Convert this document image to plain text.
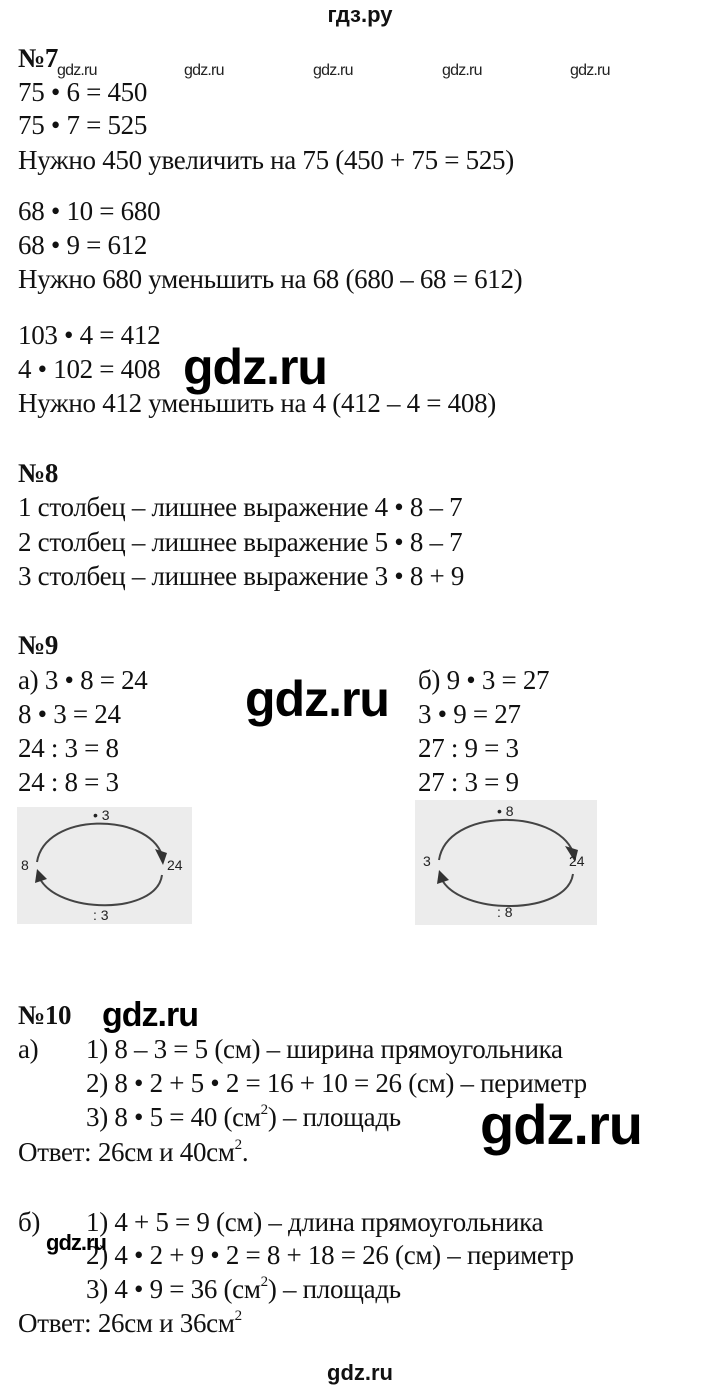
гдз.ру
№7
gdz.ru	gdz.ru	gdz.ru	gdz.ru	gdz.ru
75 • 6 = 450
75 • 7 = 525
Нужно 450 увеличить на 75 (450 + 75 = 525)
68 • 10 = 680
68 • 9 = 612
Нужно 680 уменьшить на 68 (680 – 68 = 612)
103 • 4 = 412
4 • 102 = 408 gdz.ru
Нужно 412 уменьшить на 4 (412 – 4 = 408)
№8
1 столбец – лишнее выражение 4 • 8 – 7
2 столбец – лишнее выражение 5 • 8 – 7
3 столбец – лишнее выражение 3 • 8 + 9
№9
а) 3 • 8 = 24
8 • 3 = 24
24 : 3 = 8
24 : 8 = 3
б) 9 • 3 = 27
3 • 9 = 27
27 : 9 = 3
27 : 3 = 9
gdz.ru
• 3
8	24
: 3
• 8
3	24
: 8
№10 gdz.ru
а) 1) 8 – 3 = 5 (см) – ширина прямоугольника
2) 8 • 2 + 5 • 2 = 16 + 10 = 26 (см) – периметр
3) 8 • 5 = 40 $(см^2)$ – площадь gdz.ru
Ответ: 26см и $40см^2$.
б) 1) 4 + 5 = 9 (см) – длина прямоугольника
2) 4 • 2 + 9 • 2 = 8 + 18 = 26 (см) – периметр
gdz.ru
3) 4 • 9 = 36 $(см^2)$ – площадь
Ответ: 26см и $36см^2$
gdz.ru
